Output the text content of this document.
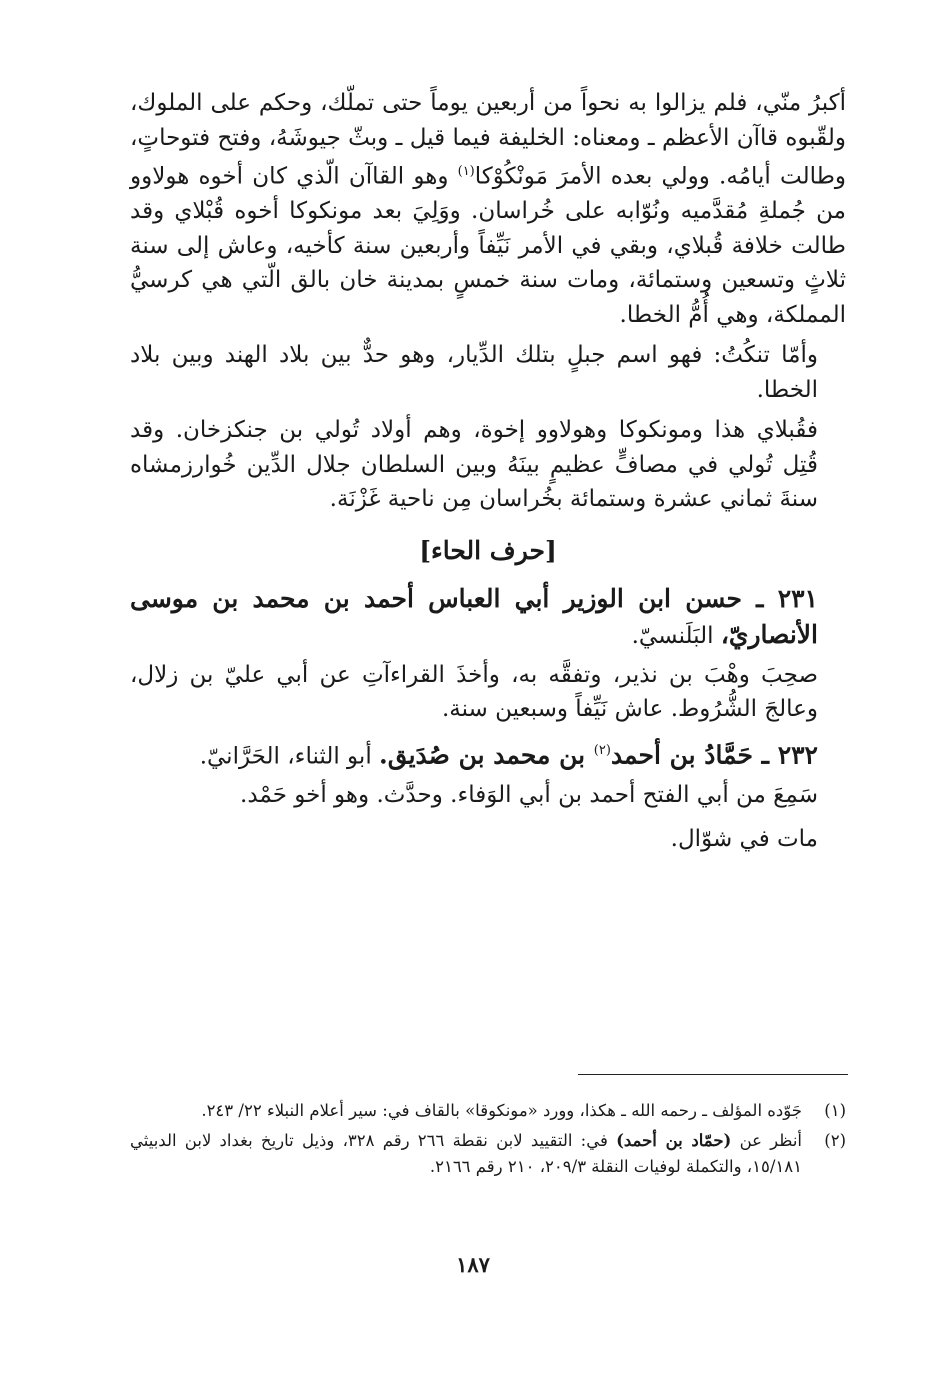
أكبرُ منّي، فلم يزالوا به نحواً من أربعين يوماً حتى تملّك، وحكم على الملوك، ولقّبوه قاآن الأعظم ـ ومعناه: الخليفة فيما قيل ـ وبثّ جيوشَهُ، وفتح فتوحاتٍ، وطالت أيامُه. وولي بعده الأمرَ مَونْكُوْكا$^{(١)}$ وهو القاآن الّذي كان أخوه هولاوو من جُملةِ مُقدَّميه ونُوّابه على خُراسان. ووَلِيَ بعد مونكوكا أخوه قُبْلاي وقد طالت خلافة قُبلاي، وبقي في الأمر نَيِّفاً وأربعين سنة كأخيه، وعاش إلى سنة ثلاثٍ وتسعين وستمائة، ومات سنة خمسٍ بمدينة خان بالق الّتي هي كرسيُّ المملكة، وهي أُمُّ الخطا.

وأمّا تنكُتُ: فهو اسم جبلٍ بتلك الدِّيار، وهو حدٌّ بين بلاد الهند وبين بلاد الخطا.

فقُبلاي هذا ومونكوكا وهولاوو إخوة، وهم أولاد تُولي بن جنكزخان. وقد قُتِل تُولي في مصافٍّ عظيمٍ بينَهُ وبين السلطان جلال الدِّين خُوارزمشاه سنةَ ثماني عشرة وستمائة بخُراسان مِن ناحية غَزْنَة.

[حرف الحاء]

٢٣١ ـ حسن ابن الوزير أبي العباس أحمد بن محمد بن موسى الأنصاريّ، البَلَنسيّ.

صحِبَ وهْبَ بن نذير، وتفقَّه به، وأخذَ القراءآتِ عن أبي عليّ بن زلال، وعالجَ الشُّرُوط. عاش نَيِّفاً وسبعين سنة.

٢٣٢ ـ حَمَّادُ بن أحمد$^{(٢)}$ بن محمد بن صُدَيق. أبو الثناء، الحَرَّانيّ.

سَمِعَ من أبي الفتح أحمد بن أبي الوَفاء. وحدَّث. وهو أخو حَمْد.

مات في شوّال.

(١)
جَوّده المؤلف ـ رحمه الله ـ هكذا، وورد «مونكوقا» بالقاف في: سير أعلام النبلاء ٢٢/ ٢٤٣.
(٢)
أنظر عن (حمّاد بن أحمد) في: التقييد لابن نقطة ٢٦٦ رقم ٣٢٨، وذيل تاريخ بغداد لابن الدبيثي ١٥/١٨١، والتكملة لوفيات النقلة ٢٠٩/٣، ٢١٠ رقم ٢١٦٦.
١٨٧
